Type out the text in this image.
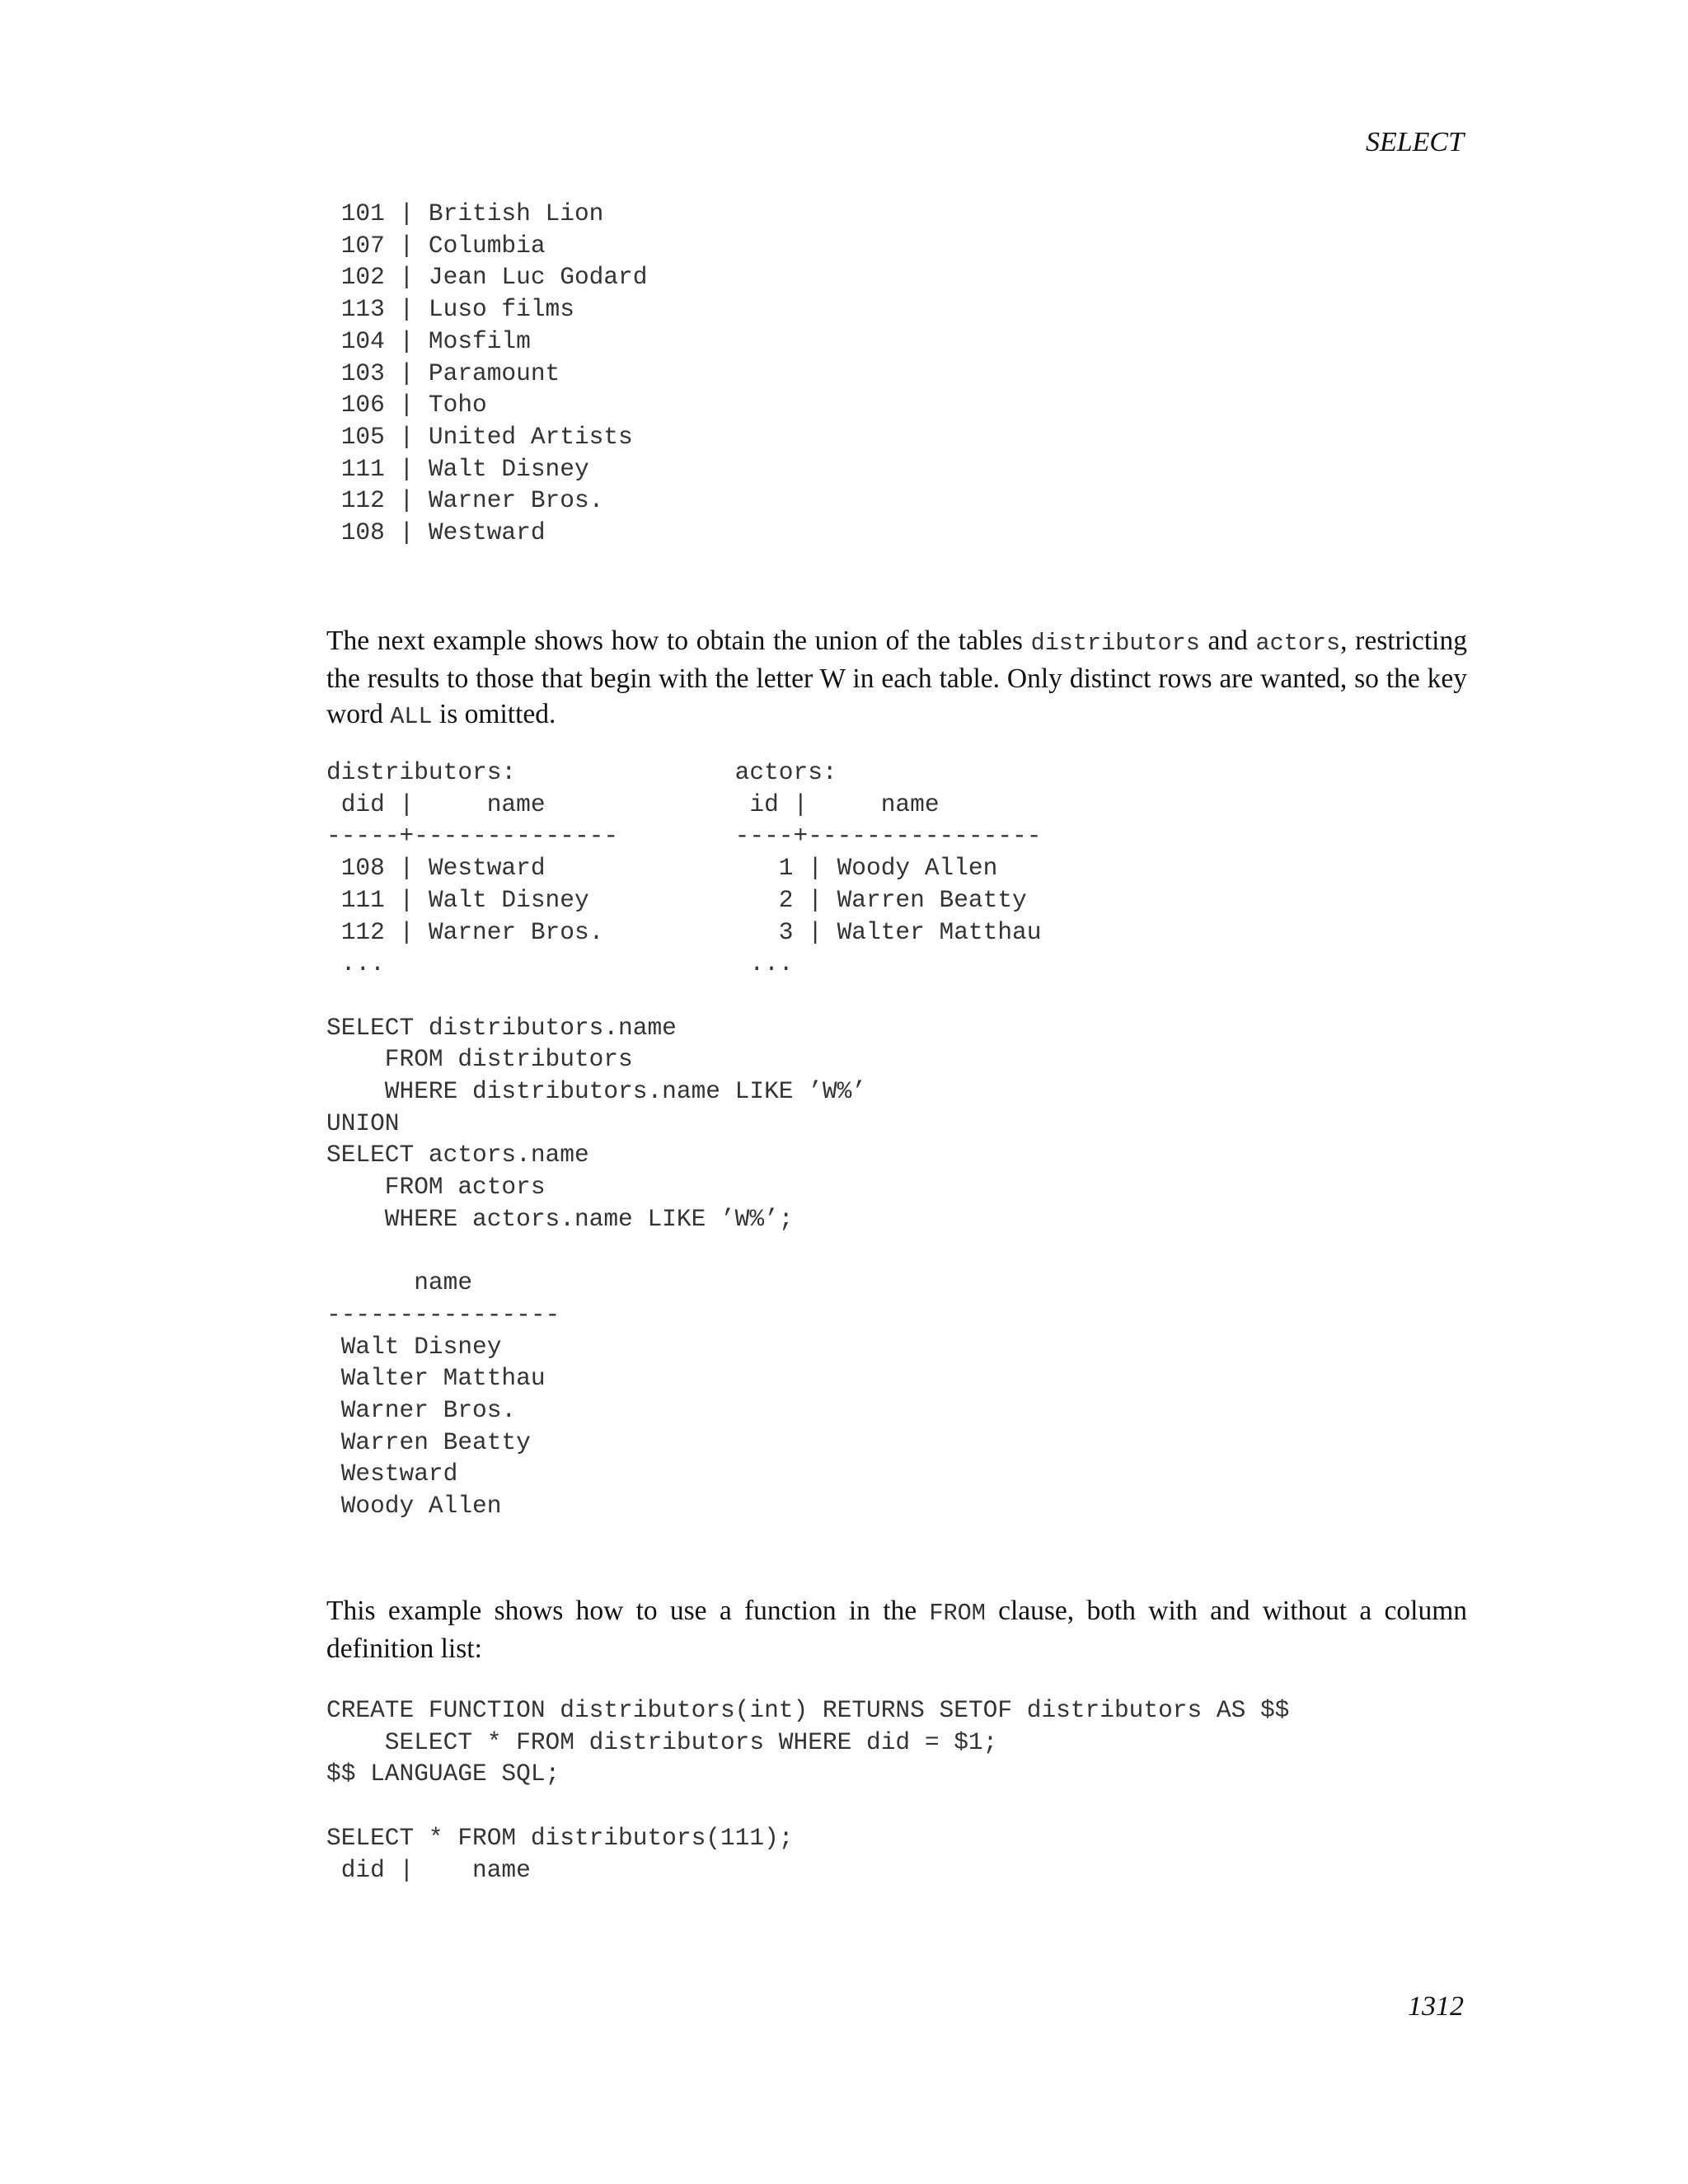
SELECT
101 | British Lion
107 | Columbia
102 | Jean Luc Godard
113 | Luso films
104 | Mosfilm
103 | Paramount
106 | Toho
105 | United Artists
111 | Walt Disney
112 | Warner Bros.
108 | Westward

The next example shows how to obtain the union of the tables distributors and actors, restricting the results to those that begin with the letter W in each table. Only distinct rows are wanted, so the key word ALL is omitted.

distributors:               actors:
did |     name              id |     name
-----+--------------        ----+----------------
108 | Westward                1 | Woody Allen
111 | Walt Disney             2 | Warren Beatty
112 | Warner Bros.            3 | Walter Matthau
...                         ...

SELECT distributors.name
FROM distributors
WHERE distributors.name LIKE ’W%’
UNION
SELECT actors.name
FROM actors
WHERE actors.name LIKE ’W%’;

name
----------------
Walt Disney
Walter Matthau
Warner Bros.
Warren Beatty
Westward
Woody Allen

This example shows how to use a function in the FROM clause, both with and without a column definition list:

CREATE FUNCTION distributors(int) RETURNS SETOF distributors AS $$
SELECT * FROM distributors WHERE did = $1;
$$ LANGUAGE SQL;

SELECT * FROM distributors(111);
did |    name
1312
